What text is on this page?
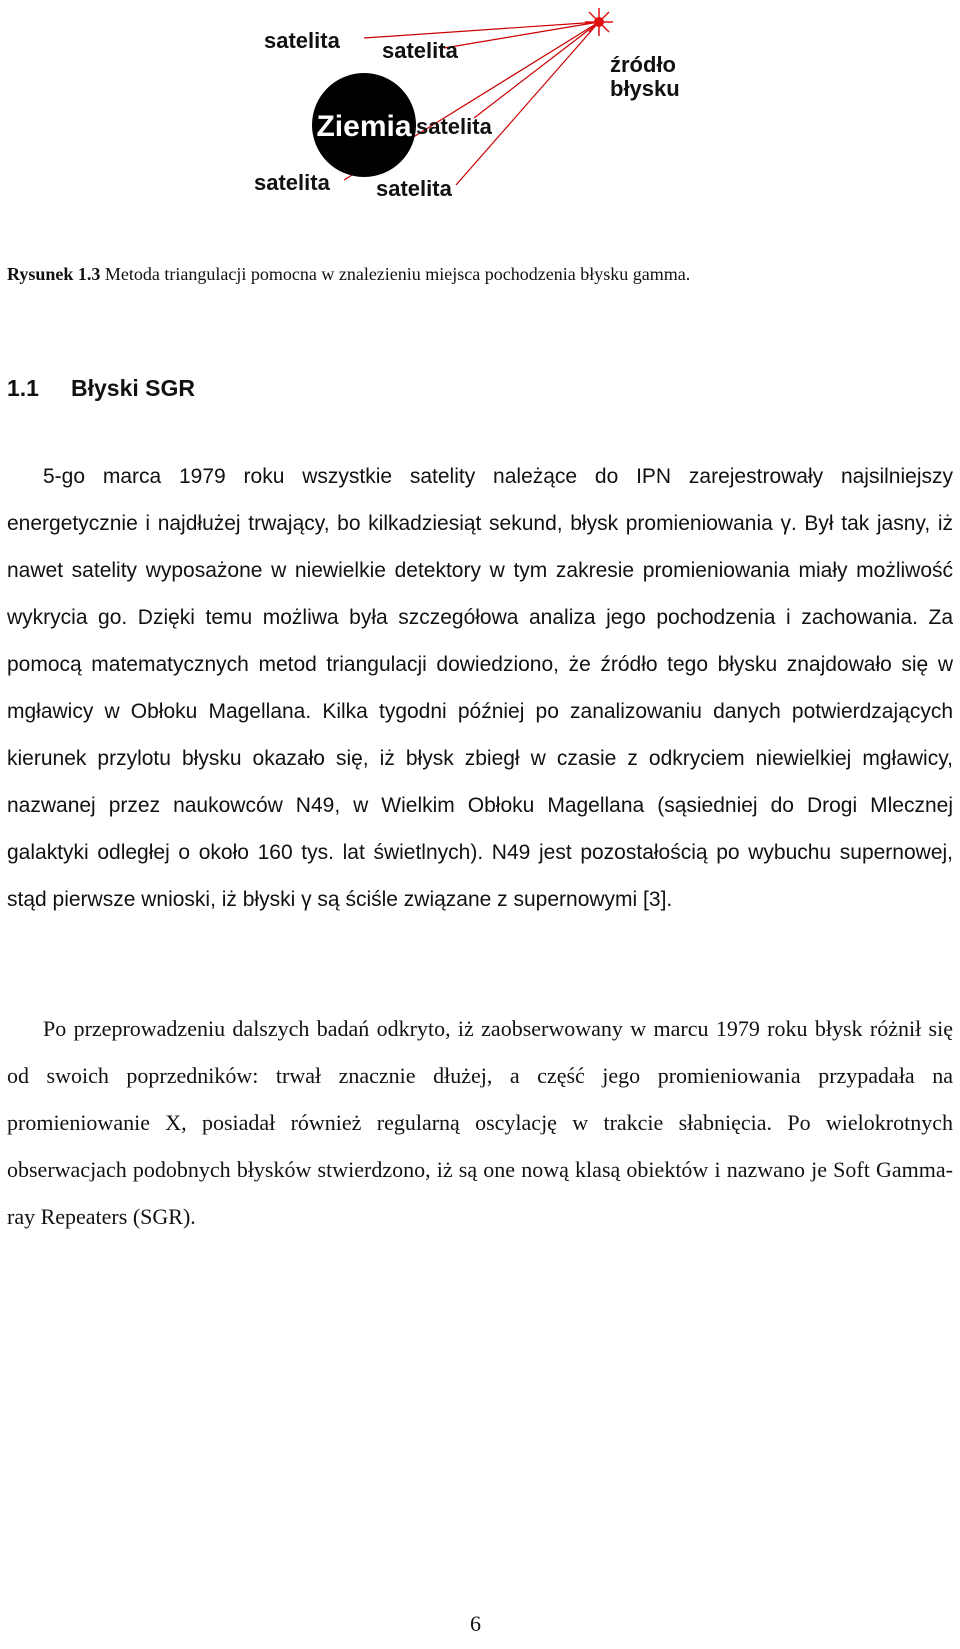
Ziemia
satelita satelita
satelita
satelita satelita
źródło
błysku
Rysunek 1.3 Metoda triangulacji pomocna w znalezieniu miejsca pochodzenia błysku gamma.
1.1 Błyski SGR

5-go marca 1979 roku wszystkie satelity należące do IPN zarejestrowały najsilniejszy energetycznie i najdłużej trwający, bo kilkadziesiąt sekund, błysk promieniowania γ. Był tak jasny, iż nawet satelity wyposażone w niewielkie detektory w tym zakresie promieniowania miały możliwość wykrycia go. Dzięki temu możliwa była szczegółowa analiza jego pochodzenia i zachowania. Za pomocą matematycznych metod triangulacji dowiedziono, że źródło tego błysku znajdowało się w mgławicy w Obłoku Magellana. Kilka tygodni później po zanalizowaniu danych potwierdzających kierunek przylotu błysku okazało się, iż błysk zbiegł w czasie z odkryciem niewielkiej mgławicy, nazwanej przez naukowców N49, w Wielkim Obłoku Magellana (sąsiedniej do Drogi Mlecznej galaktyki odległej o około 160 tys. lat świetlnych). N49 jest pozostałością po wybuchu supernowej, stąd pierwsze wnioski, iż błyski γ są ściśle związane z supernowymi [3].

Po przeprowadzeniu dalszych badań odkryto, iż zaobserwowany w marcu 1979 roku błysk różnił się od swoich poprzedników: trwał znacznie dłużej, a część jego promieniowania przypadała na promieniowanie X, posiadał również regularną oscylację w trakcie słabnięcia. Po wielokrotnych obserwacjach podobnych błysków stwierdzono, iż są one nową klasą obiektów i nazwano je Soft Gamma-ray Repeaters (SGR).

6
